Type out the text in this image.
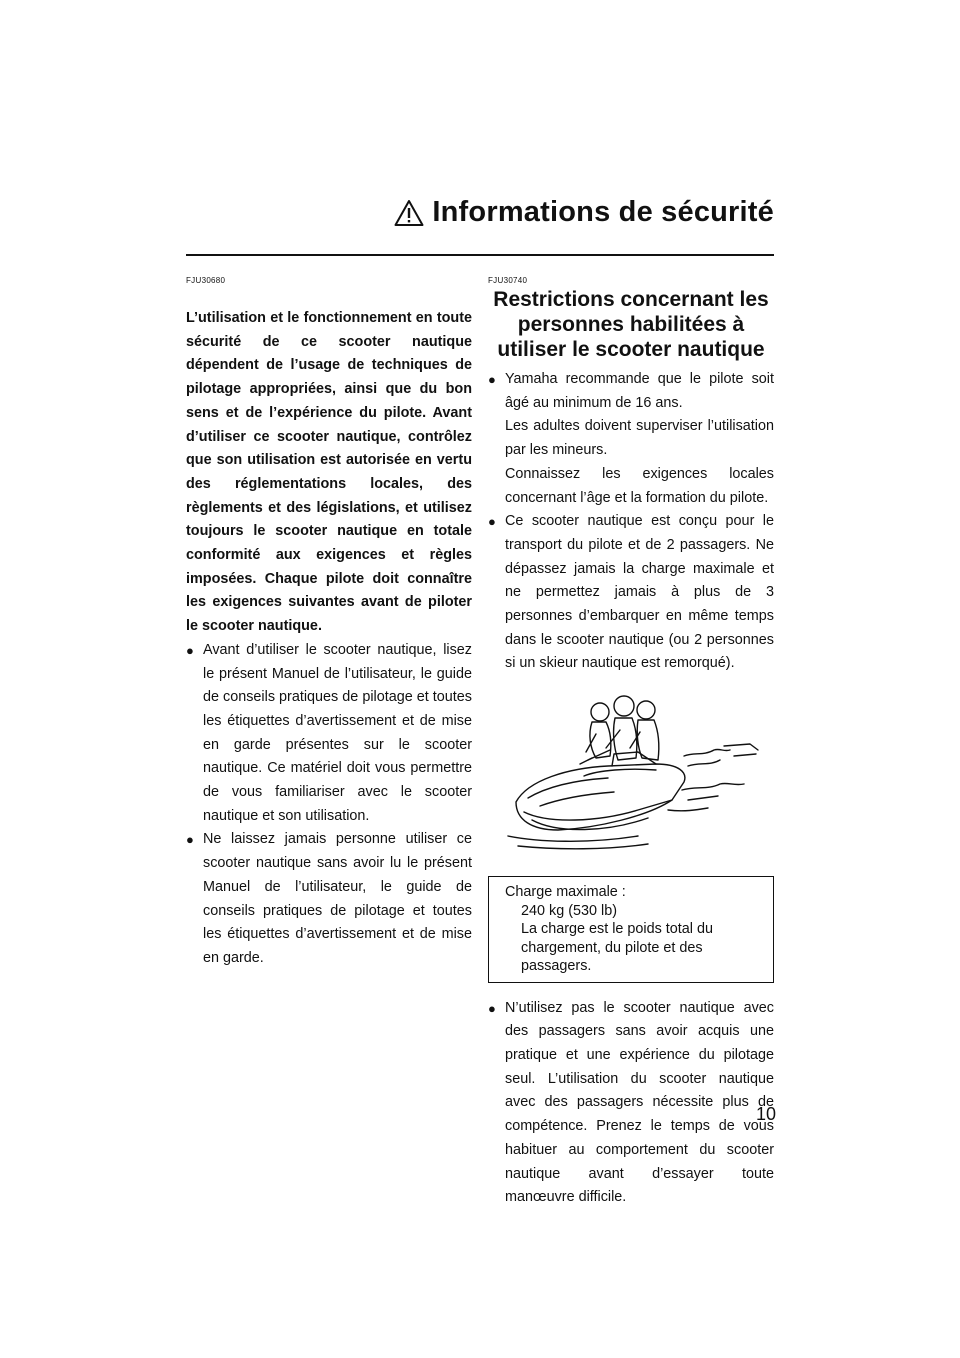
Informations de sécurité
FJU30680

L’utilisation et le fonctionnement en toute sécurité de ce scooter nautique dépendent de l’usage de techniques de pilotage appropriées, ainsi que du bon sens et de l’expérience du pilote. Avant d’utiliser ce scooter nautique, contrôlez que son utilisation est autorisée en vertu des réglementations locales, des règlements et des législations, et utilisez toujours le scooter nautique en totale conformité aux exigences et règles imposées. Chaque pilote doit connaître les exigences suivantes avant de piloter le scooter nautique.

● Avant d’utiliser le scooter nautique, lisez le présent Manuel de l’utilisateur, le guide de conseils pratiques de pilotage et toutes les étiquettes d’avertissement et de mise en garde présentes sur le scooter nautique. Ce matériel doit vous permettre de vous familiariser avec le scooter nautique et son utilisation.
● Ne laissez jamais personne utiliser ce scooter nautique sans avoir lu le présent Manuel de l’utilisateur, le guide de conseils pratiques de pilotage et toutes les étiquettes d’avertissement et de mise en garde.
FJU30740
Restrictions concernant les personnes habilitées à utiliser le scooter nautique
● Yamaha recommande que le pilote soit âgé au minimum de 16 ans.
Les adultes doivent superviser l’utilisation par les mineurs.
Connaissez les exigences locales concernant l’âge et la formation du pilote.
● Ce scooter nautique est conçu pour le transport du pilote et de 2 passagers. Ne dépassez jamais la charge maximale et ne permettez jamais à plus de 3 personnes d’embarquer en même temps dans le scooter nautique (ou 2 personnes si un skieur nautique est remorqué).
Charge maximale :
240 kg (530 lb)
La charge est le poids total du chargement, du pilote et des passagers.
● N’utilisez pas le scooter nautique avec des passagers sans avoir acquis une pratique et une expérience du pilotage seul. L’utilisation du scooter nautique avec des passagers nécessite plus de compétence. Prenez le temps de vous habituer au comportement du scooter nautique avant d’essayer toute manœuvre difficile.
10
